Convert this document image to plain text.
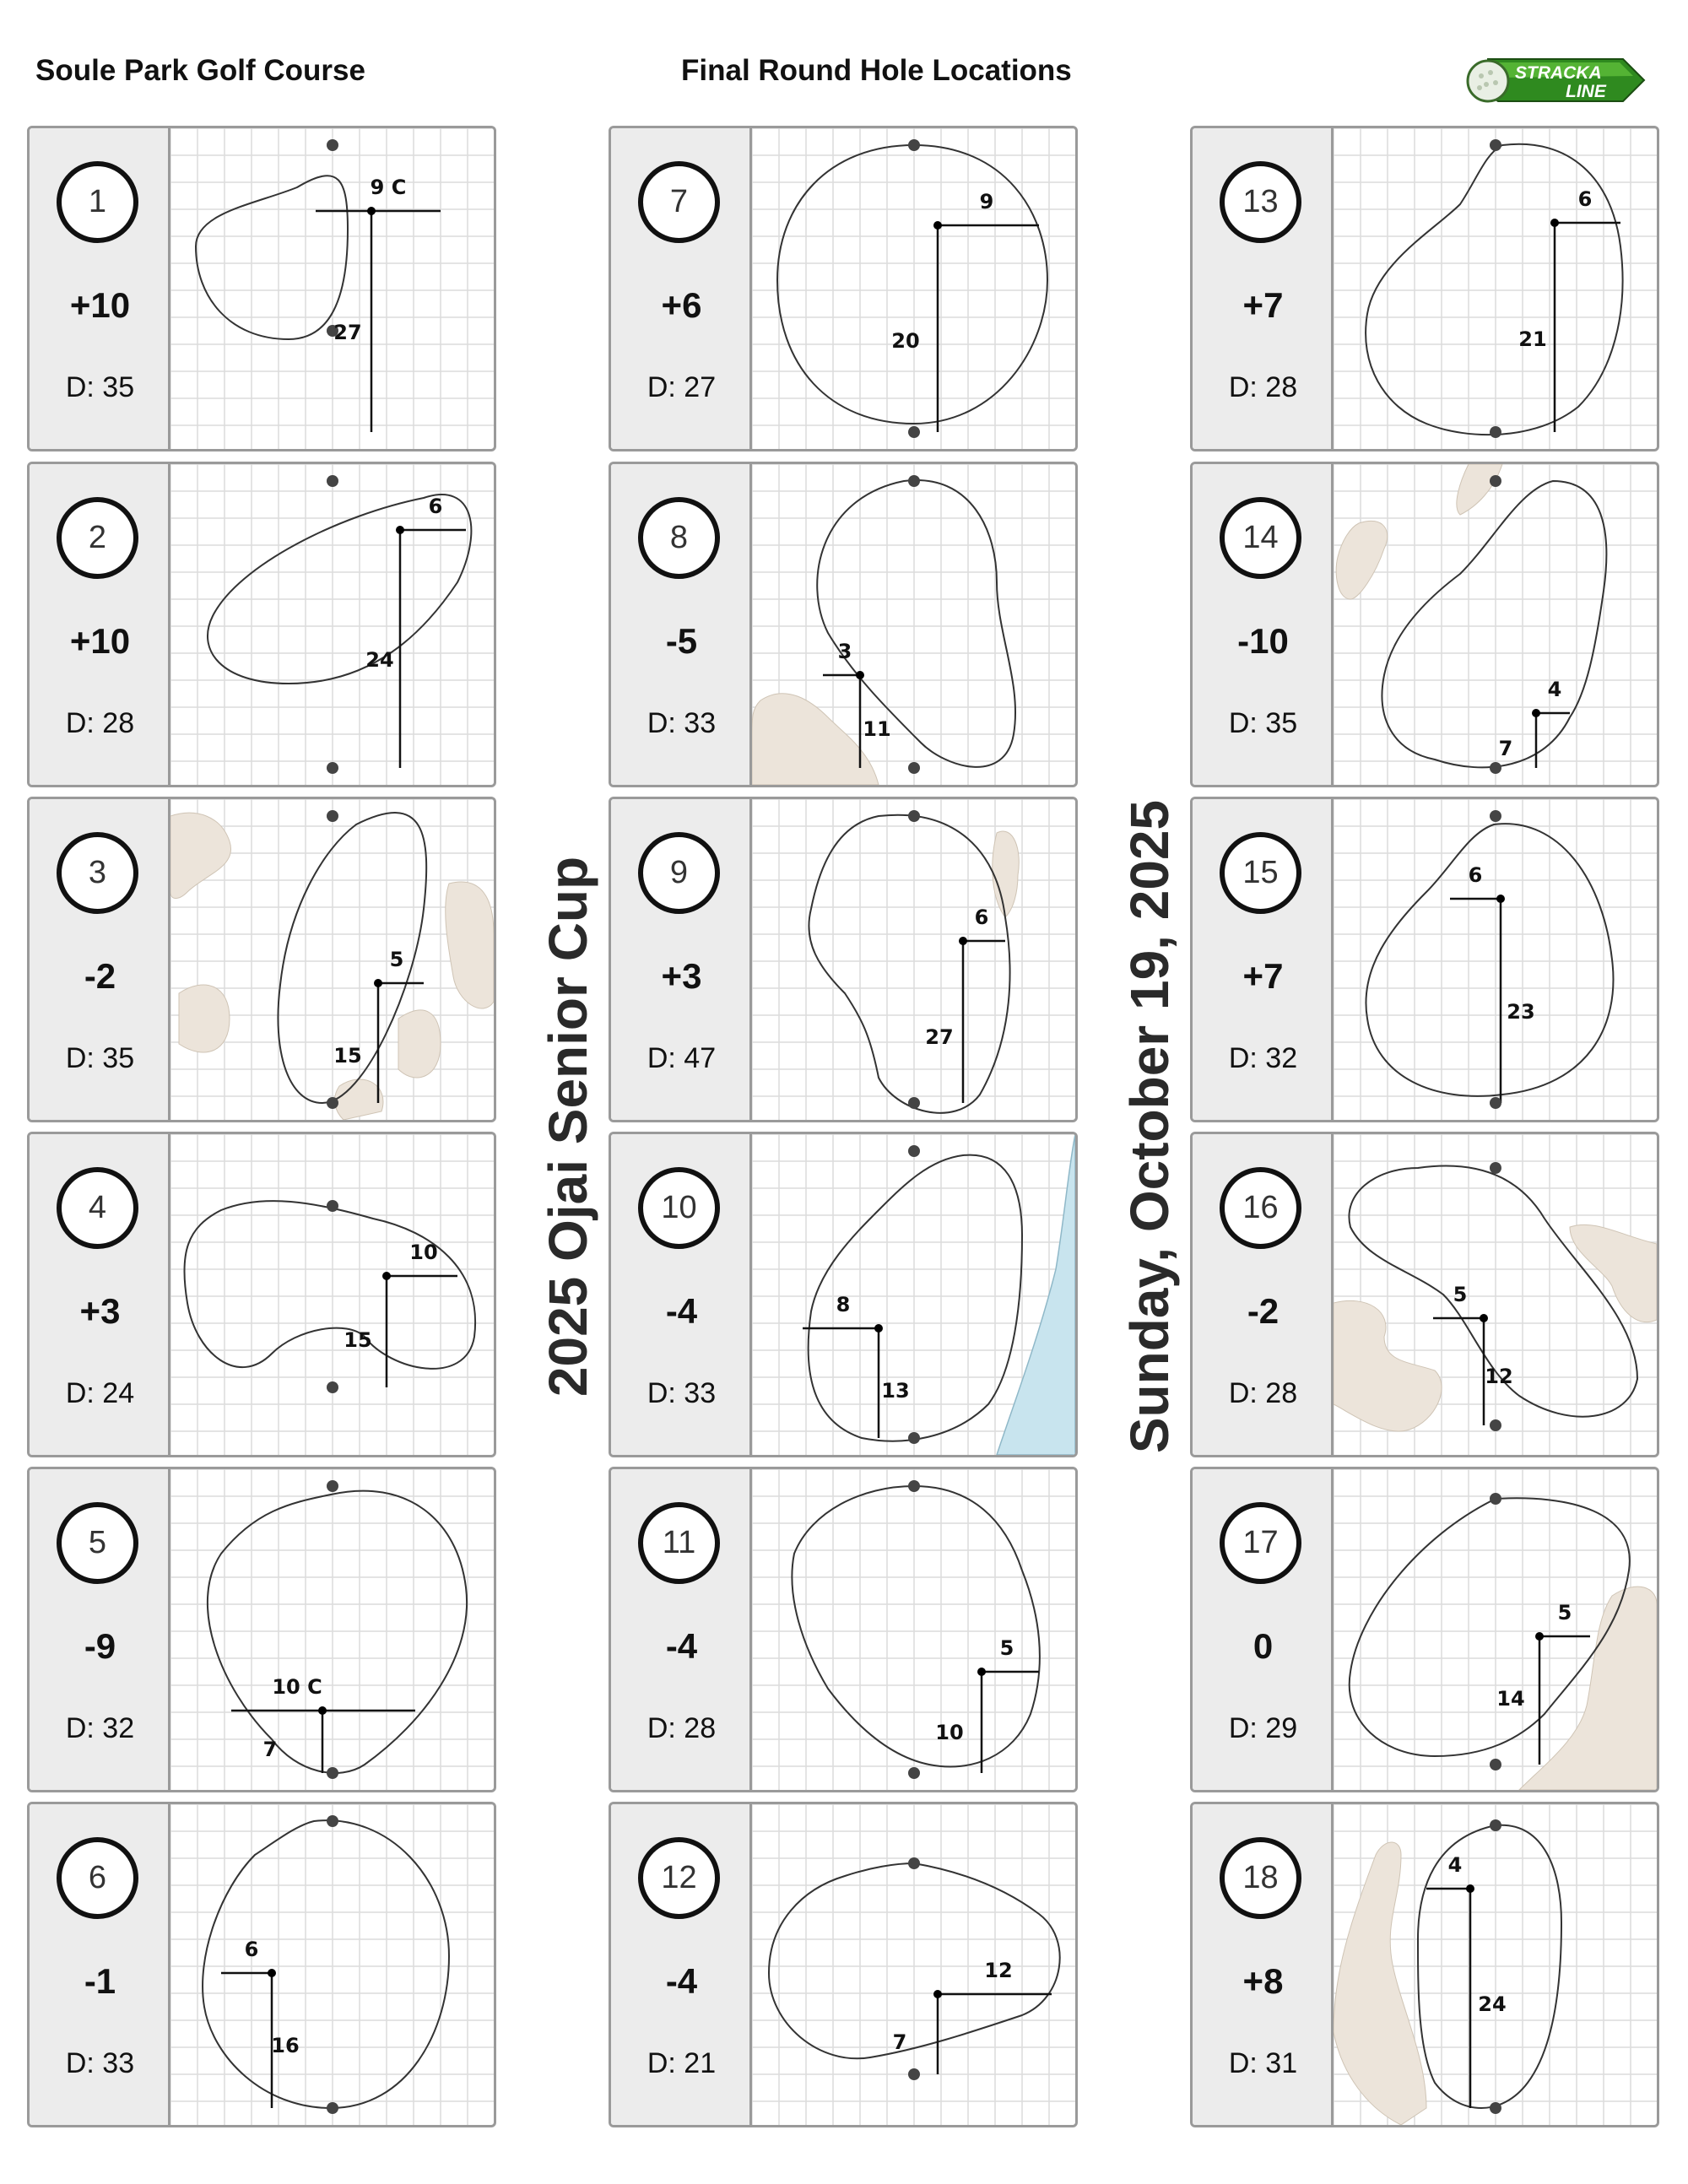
Soule Park Golf Course	Final Round Hole Locations	STRACKA
LINE
2025 Ojai Senior Cup	Sunday, October 19, 2025
1
+10
D: 35
9 C
27
2
+10
D: 28
6
24
3
-2
D: 35
5
15
4
+3
D: 24
10
15
5
-9
D: 32
10 C
7
6
-1
D: 33
6
16
7
+6
D: 27
9
20
8
-5
D: 33
3
11
9
+3
D: 47
6
27
10
-4
D: 33
8
13
11
-4
D: 28
5
10
12
-4
D: 21
12
7
13
+7
D: 28
6
21
14
-10
D: 35
4
7
15
+7
D: 32
6
23
16
-2
D: 28
5
12
17
0
D: 29
5
14
18
+8
D: 31
4
24
